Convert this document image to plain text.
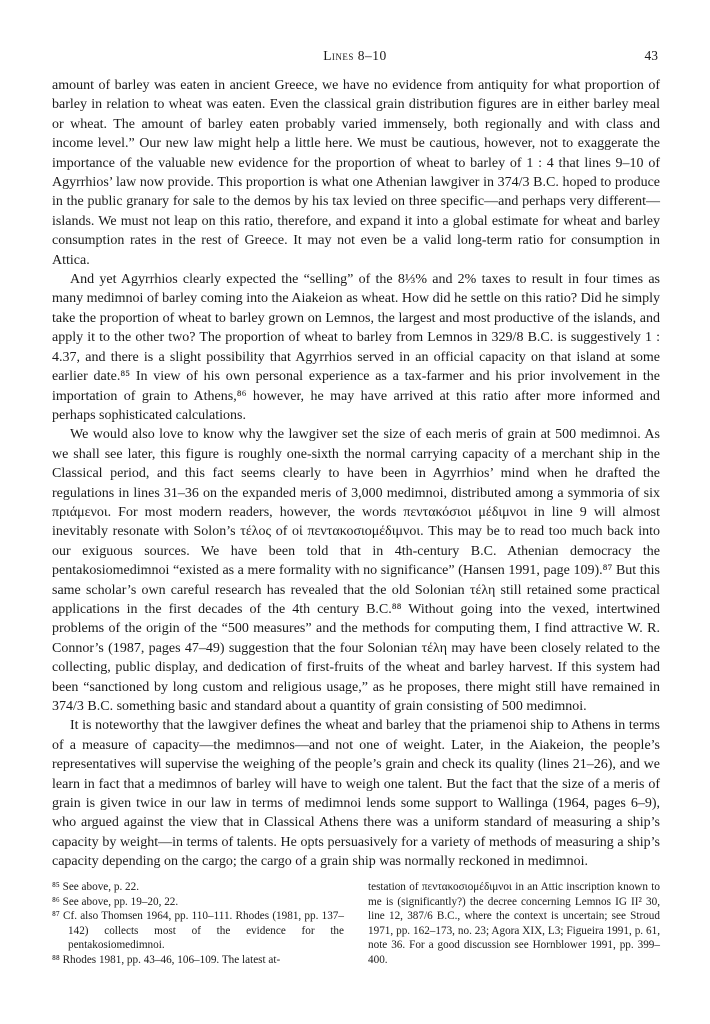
Lines 8–10	43

amount of barley was eaten in ancient Greece, we have no evidence from antiquity for what proportion of barley in relation to wheat was eaten. Even the classical grain distribution figures are in either barley meal or wheat. The amount of barley eaten probably varied immensely, both regionally and with class and income level.” Our new law might help a little here. We must be cautious, however, not to exaggerate the importance of the valuable new evidence for the proportion of wheat to barley of 1 : 4 that lines 9–10 of Agyrrhios’ law now provide. This proportion is what one Athenian lawgiver in 374/3 B.C. hoped to produce in the public granary for sale to the demos by his tax levied on three specific—and perhaps very different—islands. We must not leap on this ratio, therefore, and expand it into a global estimate for wheat and barley consumption rates in the rest of Greece. It may not even be a valid long-term ratio for consumption in Attica.

And yet Agyrrhios clearly expected the “selling” of the 8⅓% and 2% taxes to result in four times as many medimnoi of barley coming into the Aiakeion as wheat. How did he settle on this ratio? Did he simply take the proportion of wheat to barley grown on Lemnos, the largest and most productive of the islands, and apply it to the other two? The proportion of wheat to barley from Lemnos in 329/8 B.C. is suggestively 1 : 4.37, and there is a slight possibility that Agyrrhios served in an official capacity on that island at some earlier date.⁸⁵ In view of his own personal experience as a tax-farmer and his prior involvement in the importation of grain to Athens,⁸⁶ however, he may have arrived at this ratio after more informed and perhaps sophisticated calculations.

We would also love to know why the lawgiver set the size of each meris of grain at 500 medimnoi. As we shall see later, this figure is roughly one-sixth the normal carrying capacity of a merchant ship in the Classical period, and this fact seems clearly to have been in Agyrrhios’ mind when he drafted the regulations in lines 31–36 on the expanded meris of 3,000 medimnoi, distributed among a symmoria of six πριάμενοι. For most modern readers, however, the words πεντακόσιοι μέδιμνοι in line 9 will almost inevitably resonate with Solon’s τέλος of οἱ πεντακοσιομέδιμνοι. This may be to read too much back into our exiguous sources. We have been told that in 4th-century B.C. Athenian democracy the pentakosiomedimnoi “existed as a mere formality with no significance” (Hansen 1991, page 109).⁸⁷ But this same scholar’s own careful research has revealed that the old Solonian τέλη still retained some practical applications in the first decades of the 4th century B.C.⁸⁸ Without going into the vexed, intertwined problems of the origin of the “500 measures” and the methods for computing them, I find attractive W. R. Connor’s (1987, pages 47–49) suggestion that the four Solonian τέλη may have been closely related to the collecting, public display, and dedication of first-fruits of the wheat and barley harvest. If this system had been “sanctioned by long custom and religious usage,” as he proposes, there might still have remained in 374/3 B.C. something basic and standard about a quantity of grain consisting of 500 medimnoi.

It is noteworthy that the lawgiver defines the wheat and barley that the priamenoi ship to Athens in terms of a measure of capacity—the medimnos—and not one of weight. Later, in the Aiakeion, the people’s representatives will supervise the weighing of the people’s grain and check its quality (lines 21–26), and we learn in fact that a medimnos of barley will have to weigh one talent. But the fact that the size of a meris of grain is given twice in our law in terms of medimnoi lends some support to Wallinga (1964, pages 6–9), who argued against the view that in Classical Athens there was a uniform standard of measuring a ship’s capacity by weight—in terms of talents. He opts persuasively for a variety of methods of measuring a ship’s capacity depending on the cargo; the cargo of a grain ship was normally reckoned in medimnoi.

⁸⁵ See above, p. 22.

⁸⁶ See above, pp. 19–20, 22.

⁸⁷ Cf. also Thomsen 1964, pp. 110–111. Rhodes (1981, pp. 137–142) collects most of the evidence for the pentakosiomedimnoi.

⁸⁸ Rhodes 1981, pp. 43–46, 106–109. The latest at-

testation of πεντακοσιομέδιμνοι in an Attic inscription known to me is (significantly?) the decree concerning Lemnos IG II² 30, line 12, 387/6 B.C., where the context is uncertain; see Stroud 1971, pp. 162–173, no. 23; Agora XIX, L3; Figueira 1991, p. 61, note 36. For a good discussion see Hornblower 1991, pp. 399–400.
